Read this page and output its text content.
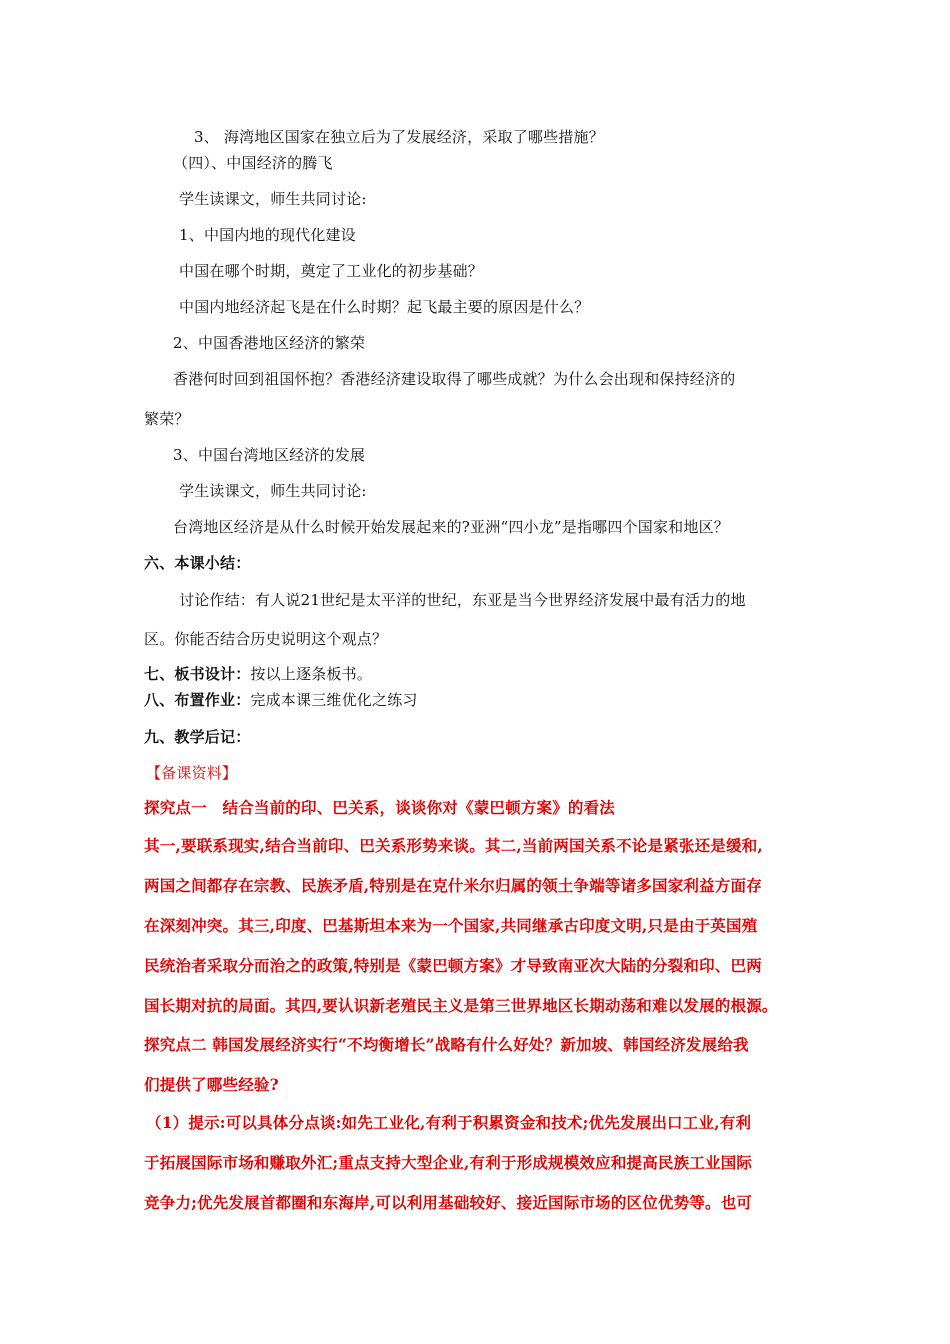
3、 海湾地区国家在独立后为了发展经济，采取了哪些措施？
（四）、中国经济的腾飞
学生读课文，师生共同讨论:
1、中国内地的现代化建设
中国在哪个时期，奠定了工业化的初步基础？
中国内地经济起飞是在什么时期？起飞最主要的原因是什么？
2、中国香港地区经济的繁荣
香港何时回到祖国怀抱？香港经济建设取得了哪些成就？为什么会出现和保持经济的
繁荣？
3、中国台湾地区经济的发展
学生读课文，师生共同讨论:
台湾地区经济是从什么时候开始发展起来的?亚洲“四小龙”是指哪四个国家和地区？
六、本课小结：
讨论作结：有人说21世纪是太平洋的世纪，东亚是当今世界经济发展中最有活力的地
区。你能否结合历史说明这个观点？
七、板书设计：按以上逐条板书。
八、布置作业：完成本课三维优化之练习
九、教学后记：
【备课资料】
探究点一　结合当前的印、巴关系，谈谈你对《蒙巴顿方案》的看法
其一,要联系现实,结合当前印、巴关系形势来谈。其二,当前两国关系不论是紧张还是缓和,
两国之间都存在宗教、民族矛盾,特别是在克什米尔归属的领土争端等诸多国家利益方面存
在深刻冲突。其三,印度、巴基斯坦本来为一个国家,共同继承古印度文明,只是由于英国殖
民统治者采取分而治之的政策,特别是《蒙巴顿方案》才导致南亚次大陆的分裂和印、巴两
国长期对抗的局面。其四,要认识新老殖民主义是第三世界地区长期动荡和难以发展的根源。
探究点二 韩国发展经济实行“不均衡增长”战略有什么好处？新加坡、韩国经济发展给我
们提供了哪些经验?
（1）提示:可以具体分点谈:如先工业化,有利于积累资金和技术;优先发展出口工业,有利
于拓展国际市场和赚取外汇;重点支持大型企业,有利于形成规模效应和提高民族工业国际
竞争力;优先发展首都圈和东海岸,可以利用基础较好、接近国际市场的区位优势等。也可
